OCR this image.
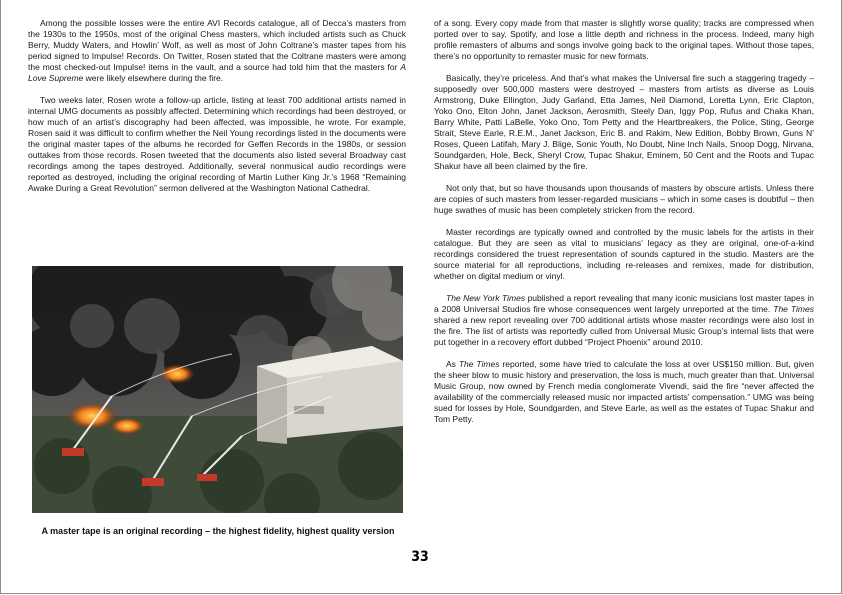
Among the possible losses were the entire AVI Records catalogue, all of Decca’s masters from the 1930s to the 1950s, most of the original Chess masters, which included artists such as Chuck Berry, Muddy Waters, and Howlin’ Wolf, as well as most of John Coltrane’s master tapes from his period signed to Impulse! Records. On Twitter, Rosen stated that the Coltrane masters were among the most checked-out Impulse! items in the vault, and a source had told him that the masters for A Love Supreme were likely elsewhere during the fire.

Two weeks later, Rosen wrote a follow-up article, listing at least 700 additional artists named in internal UMG documents as possibly affected. Determining which recordings had been destroyed, or how much of an artist’s discography had been affected, was impossible, he wrote. For example, Rosen said it was difficult to confirm whether the Neil Young recordings listed in the documents were the original master tapes of the albums he recorded for Geffen Records in the 1980s, or session outtakes from those records. Rosen tweeted that the documents also listed several Broadway cast recordings among the tapes destroyed. Additionally, several nonmusical audio recordings were reported as destroyed, including the original recording of Martin Luther King Jr.’s 1968 “Remaining Awake During a Great Revolution” sermon delivered at the Washington National Cathedral.

A master tape is an original recording – the highest fidelity, highest quality version

of a song. Every copy made from that master is slightly worse quality; tracks are compressed when ported over to say, Spotify, and lose a little depth and richness in the process. Indeed, many high profile remasters of albums and songs involve going back to the original tapes. Without those tapes, there’s no opportunity to remaster music for new formats.

Basically, they’re priceless. And that’s what makes the Universal fire such a staggering tragedy – supposedly over 500,000 masters were destroyed – masters from artists as diverse as Louis Armstrong, Duke Ellington, Judy Garland, Etta James, Neil Diamond, Loretta Lynn, Eric Clapton, Yoko Ono, Elton John, Janet Jackson, Aerosmith, Steely Dan, Iggy Pop, Rufus and Chaka Khan, Barry White, Patti LaBelle, Yoko Ono, Tom Petty and the Heartbreakers, the Police, Sting, George Strait, Steve Earle, R.E.M., Janet Jackson, Eric B. and Rakim, New Edition, Bobby Brown, Guns N’ Roses, Queen Latifah, Mary J. Blige, Sonic Youth, No Doubt, Nine Inch Nails, Snoop Dogg, Nirvana, Soundgarden, Hole, Beck, Sheryl Crow, Tupac Shakur, Eminem, 50 Cent and the Roots and Tupac Shakur have all been claimed by the fire.

Not only that, but so have thousands upon thousands of masters by obscure artists. Unless there are copies of such masters from lesser-regarded musicians – which in some cases is doubtful – then huge swathes of music has been completely stricken from the record.

Master recordings are typically owned and controlled by the music labels for the artists in their catalogue. But they are seen as vital to musicians’ legacy as they are original, one-of-a-kind recordings considered the truest representation of sounds captured in the studio. Masters are the source material for all reproductions, including re-releases and remixes, made for distribution, whether on digital medium or vinyl.

The New York Times published a report revealing that many iconic musicians lost master tapes in a 2008 Universal Studios fire whose consequences went largely unreported at the time. The Times shared a new report revealing over 700 additional artists whose master recordings were also lost in the fire. The list of artists was reportedly culled from Universal Music Group’s internal lists that were put together in a recovery effort dubbed “Project Phoenix” around 2010.

As The Times reported, some have tried to calculate the loss at over US$150 million. But, given the sheer blow to music history and preservation, the loss is much, much greater than that. Universal Music Group, now owned by French media conglomerate Vivendi, said the fire “never affected the availability of the commercially released music nor impacted artists’ compensation.” UMG was being sued for losses by Hole, Soundgarden, and Steve Earle, as well as the estates of Tupac Shakur and Tom Petty.

33
